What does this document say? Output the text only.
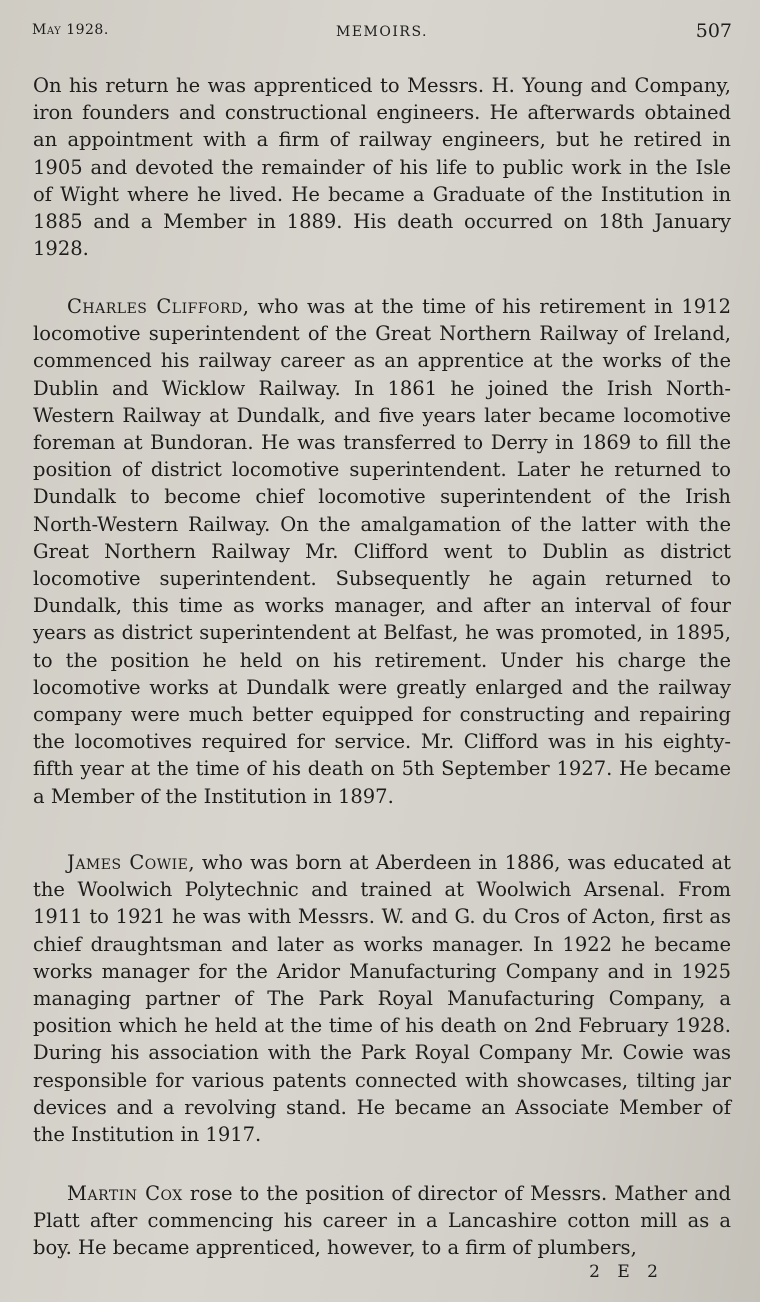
May 1928.	MEMOIRS.	507

On his return he was apprenticed to Messrs. H. Young and Company, iron founders and constructional engineers. He afterwards obtained an appointment with a firm of railway engineers, but he retired in 1905 and devoted the remainder of his life to public work in the Isle of Wight where he lived. He became a Graduate of the Institution in 1885 and a Member in 1889. His death occurred on 18th January 1928.

Charles Clifford, who was at the time of his retirement in 1912 locomotive superintendent of the Great Northern Railway of Ireland, commenced his railway career as an apprentice at the works of the Dublin and Wicklow Railway. In 1861 he joined the Irish North-Western Railway at Dundalk, and five years later became locomotive foreman at Bundoran. He was transferred to Derry in 1869 to fill the position of district locomotive superintendent. Later he returned to Dundalk to become chief locomotive superintendent of the Irish North-Western Railway. On the amalgamation of the latter with the Great Northern Railway Mr. Clifford went to Dublin as district locomotive superintendent. Subsequently he again returned to Dundalk, this time as works manager, and after an interval of four years as district superintendent at Belfast, he was promoted, in 1895, to the position he held on his retirement. Under his charge the locomotive works at Dundalk were greatly enlarged and the railway company were much better equipped for constructing and repairing the locomotives required for service. Mr. Clifford was in his eighty-fifth year at the time of his death on 5th September 1927. He became a Member of the Institution in 1897.

James Cowie, who was born at Aberdeen in 1886, was educated at the Woolwich Polytechnic and trained at Woolwich Arsenal. From 1911 to 1921 he was with Messrs. W. and G. du Cros of Acton, first as chief draughtsman and later as works manager. In 1922 he became works manager for the Aridor Manufacturing Company and in 1925 managing partner of The Park Royal Manufacturing Company, a position which he held at the time of his death on 2nd February 1928. During his association with the Park Royal Company Mr. Cowie was responsible for various patents connected with showcases, tilting jar devices and a revolving stand. He became an Associate Member of the Institution in 1917.

Martin Cox rose to the position of director of Messrs. Mather and Platt after commencing his career in a Lancashire cotton mill as a boy. He became apprenticed, however, to a firm of plumbers,

2 E 2
